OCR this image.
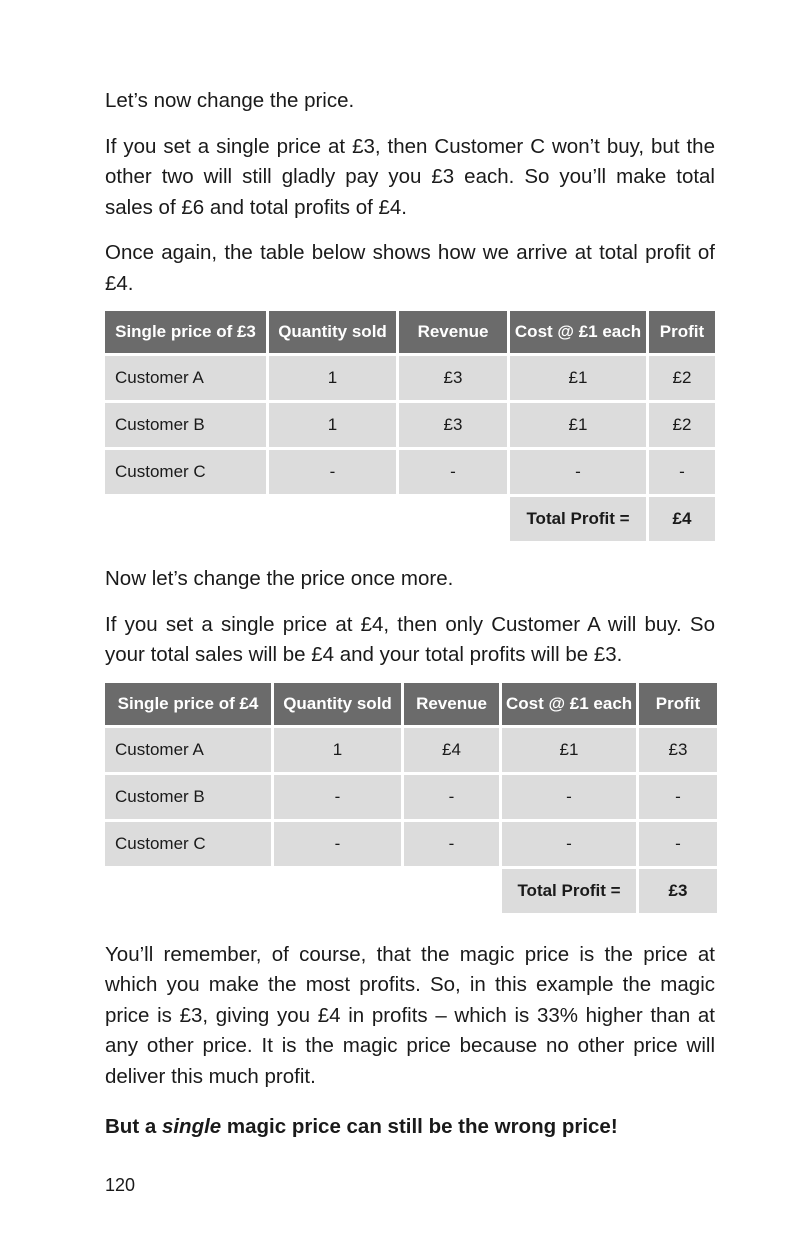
Let’s now change the price.

If you set a single price at £3, then Customer C won’t buy, but the other two will still gladly pay you £3 each. So you’ll make total sales of £6 and total profits of £4.

Once again, the table below shows how we arrive at total profit of £4.

Single price of £3	Quantity sold	Revenue	Cost @ £1 each	Profit
Customer A	1	£3	£1	£2
Customer B	1	£3	£1	£2
Customer C	-	-	-	-
			Total Profit =	£4

Now let’s change the price once more.

If you set a single price at £4, then only Customer A will buy. So your total sales will be £4 and your total profits will be £3.

Single price of £4	Quantity sold	Revenue	Cost @ £1 each	Profit
Customer A	1	£4	£1	£3
Customer B	-	-	-	-
Customer C	-	-	-	-
			Total Profit =	£3

You’ll remember, of course, that the magic price is the price at which you make the most profits. So, in this example the magic price is £3, giving you £4 in profits – which is 33% higher than at any other price. It is the magic price because no other price will deliver this much profit.

But a single magic price can still be the wrong price!
120
